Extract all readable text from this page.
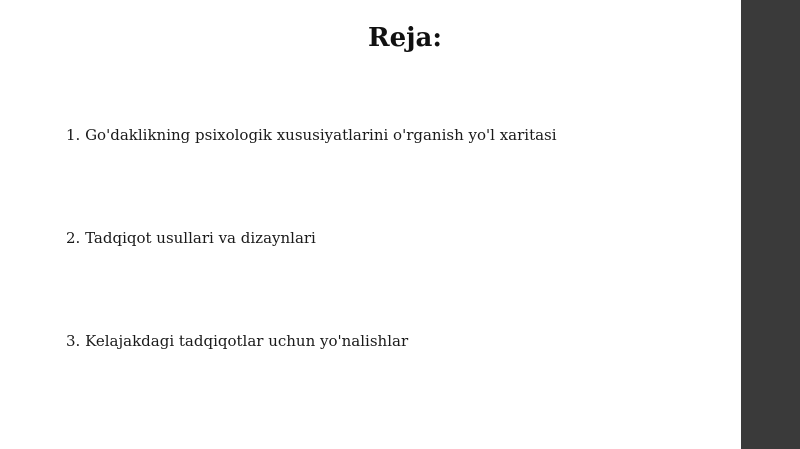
Reja:
1. Go'daklikning psixologik xususiyatlarini o'rganish yo'l xaritasi
2. Tadqiqot usullari va dizaynlari
3. Kelajakdagi tadqiqotlar uchun yo'nalishlar
